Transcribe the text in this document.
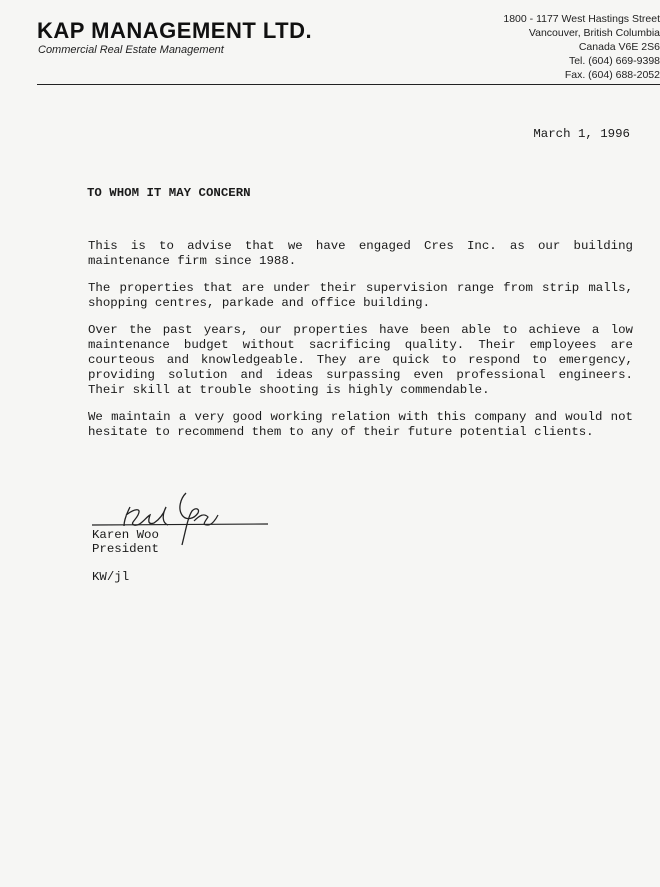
KAP MANAGEMENT LTD.
Commercial Real Estate Management
1800 - 1177 West Hastings Street
Vancouver, British Columbia
Canada V6E 2S6
Tel. (604) 669-9398
Fax. (604) 688-2052
March 1, 1996
TO WHOM IT MAY CONCERN

This is to advise that we have engaged Cres Inc. as our building maintenance firm since 1988.

The properties that are under their supervision range from strip malls, shopping centres, parkade and office building.

Over the past years, our properties have been able to achieve a low maintenance budget without sacrificing quality. Their employees are courteous and knowledgeable. They are quick to respond to emergency, providing solution and ideas surpassing even professional engineers. Their skill at trouble shooting is highly commendable.

We maintain a very good working relation with this company and would not hesitate to recommend them to any of their future potential clients.

Karen Woo
President
KW/jl
